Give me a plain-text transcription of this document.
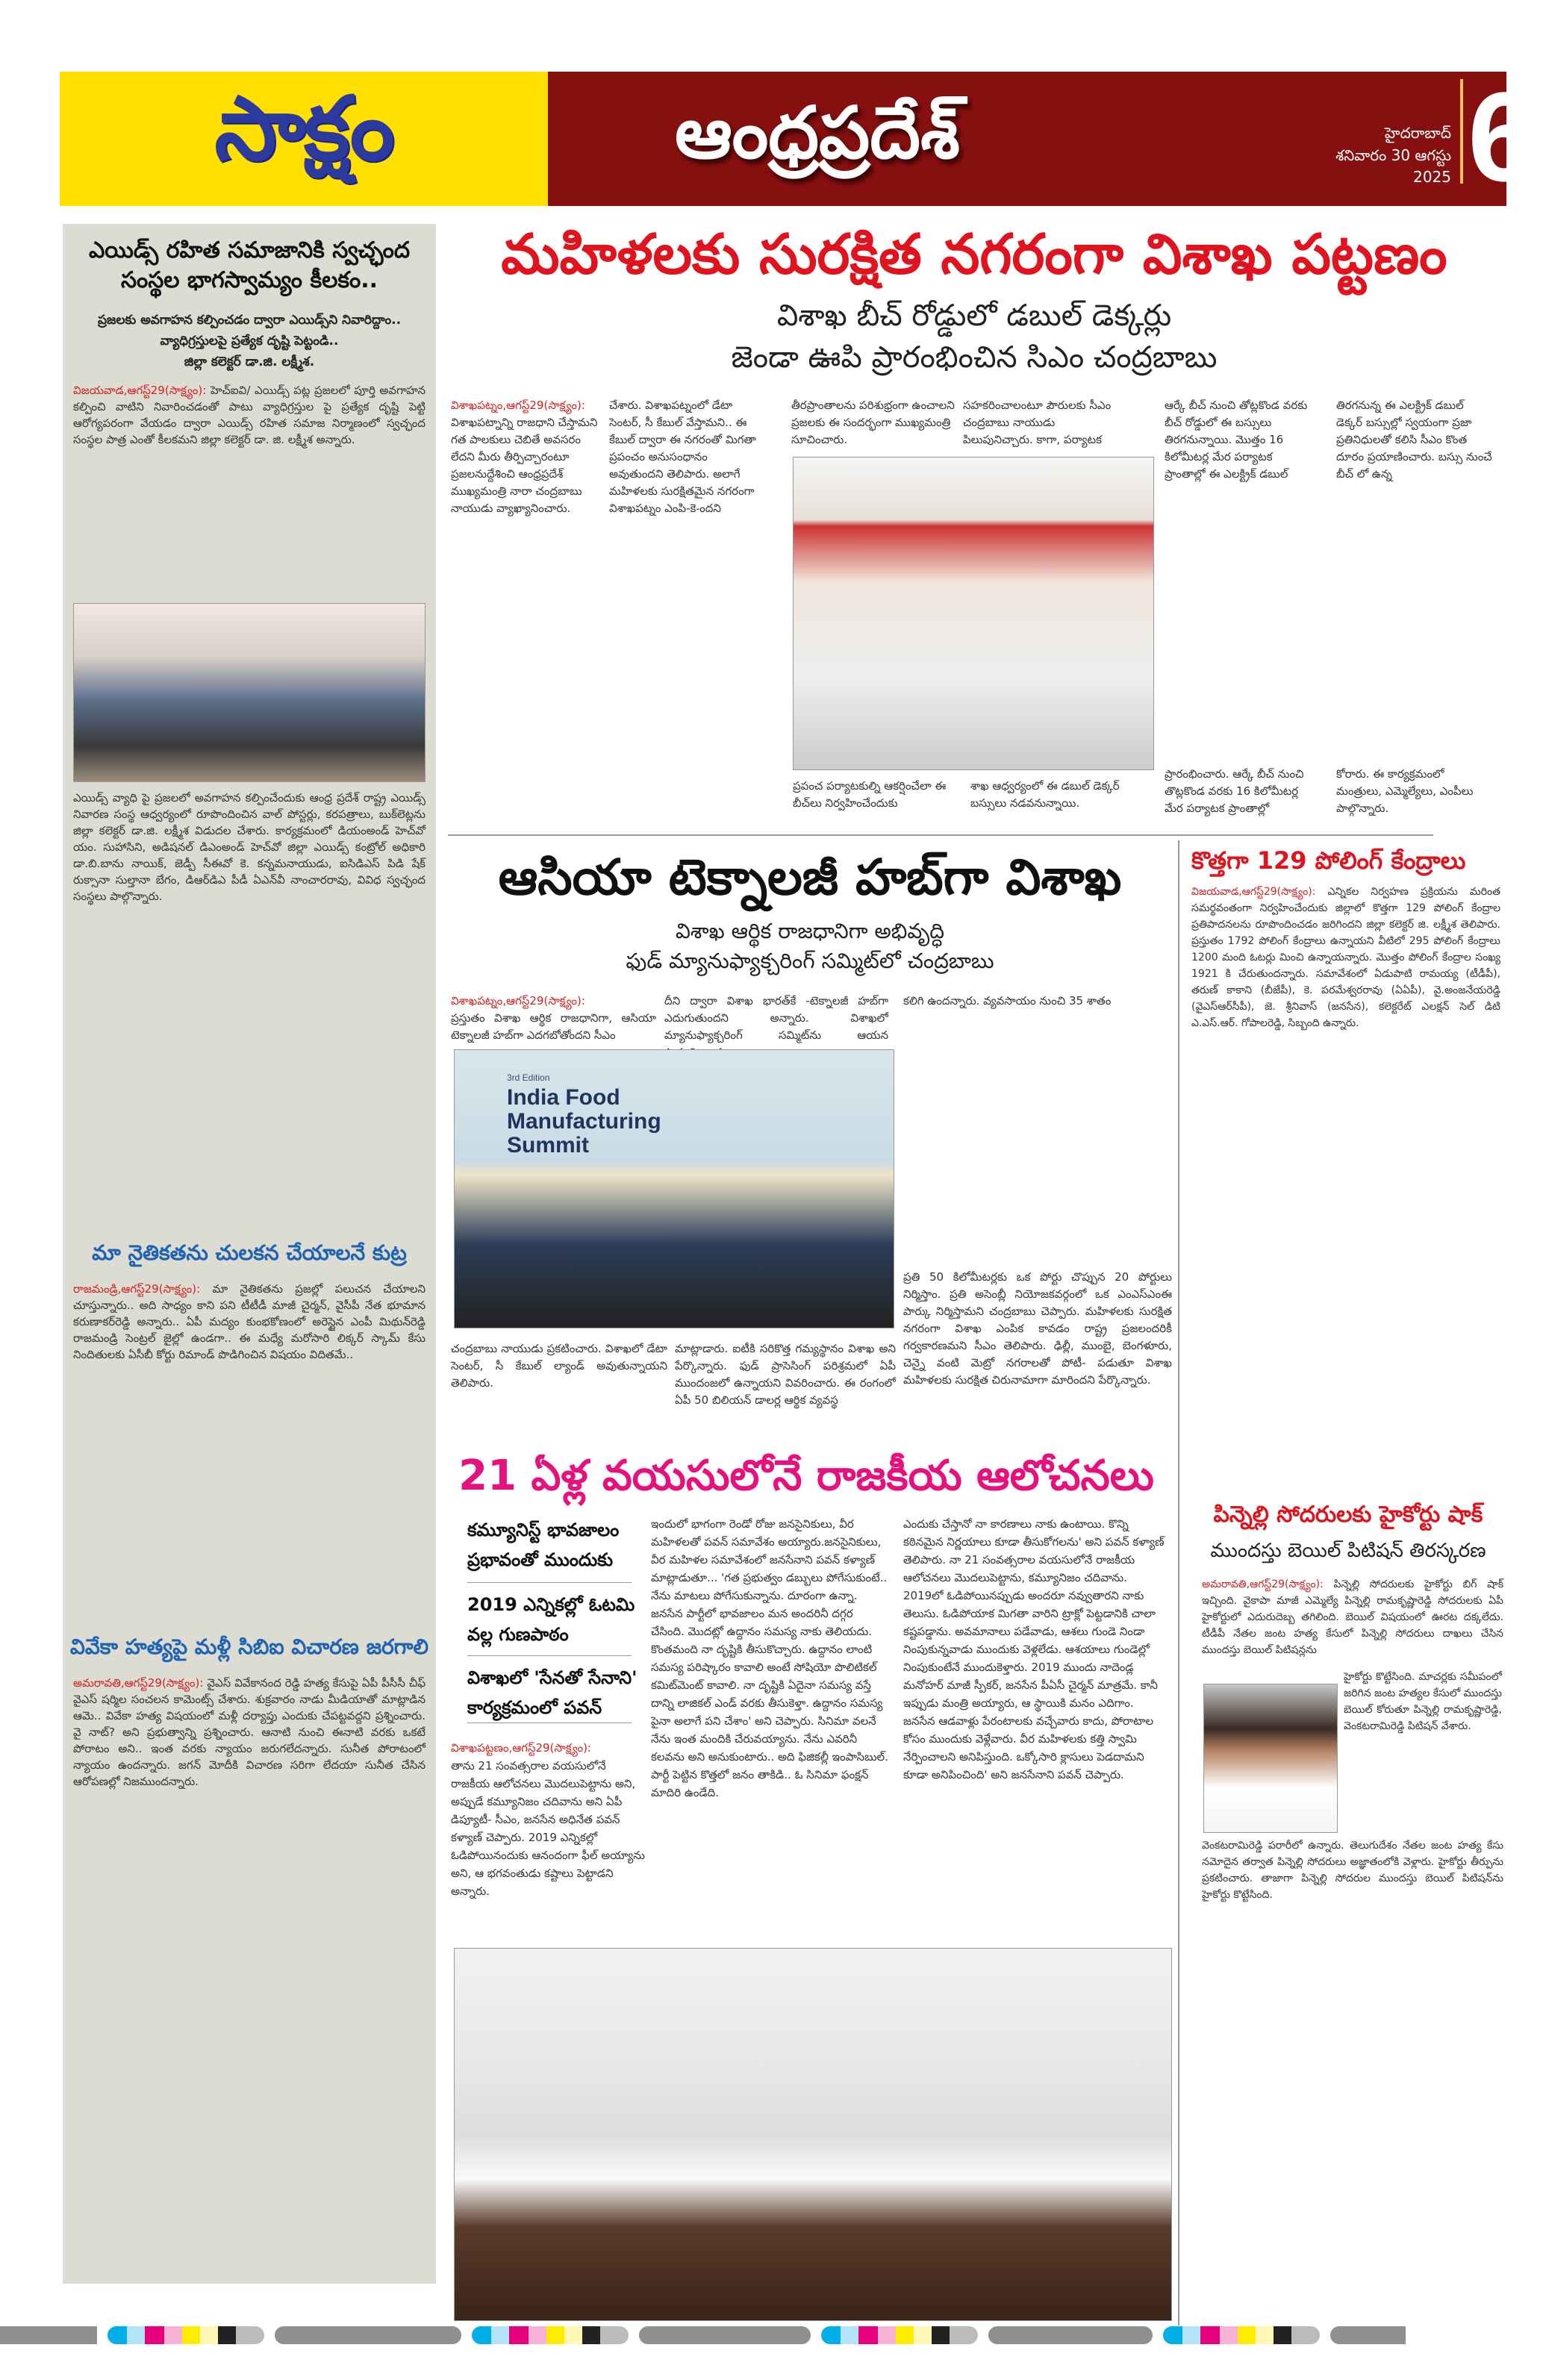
సాక్షం	ఆంధ్రప్రదేశ్	హైదరాబాద్
శనివారం 30 ఆగస్టు 2025 6
ఎయిడ్స్ రహిత సమాజానికి స్వచ్ఛంద సంస్థల భాగస్వామ్యం కీలకం..
ప్రజలకు అవగాహన కల్పించడం ద్వారా ఎయిడ్స్‌ని నివారిద్దాం..
వ్యాధిగ్రస్తులపై ప్రత్యేక దృష్టి పెట్టండి..
జిల్లా కలెక్టర్ డా.జి. లక్ష్మీశ.
విజయవాడ,ఆగస్ట్29(సాక్ష్యం): హెచ్ఐవి/ ఎయిడ్స్ పట్ల ప్రజలలో పూర్తి అవగాహన కల్పించి వాటిని నివారించడంతో పాటు వ్యాధిగ్రస్తుల పై ప్రత్యేక దృష్టి పెట్టి ఆరోగ్యపరంగా వేయడం ద్వారా ఎయిడ్స్ రహిత సమాజ నిర్మాణంలో స్వచ్ఛంద సంస్థల పాత్ర ఎంతో కీలకమని జిల్లా కలెక్టర్ డా. జి. లక్ష్మీశ అన్నారు.
ఎయిడ్స్ వ్యాధి పై ప్రజలలో అవగాహన కల్పించేందుకు ఆంధ్ర ప్రదేశ్ రాష్ట్ర ఎయిడ్స్ నివారణ సంస్థ ఆధ్వర్యంలో రూపొందించిన వాల్ పోస్టర్లు, కరపత్రాలు, బుక్‌లెట్లను జిల్లా కలెక్టర్ డా.జి. లక్ష్మీశ విడుదల చేశారు. కార్యక్రమంలో డియంఅండ్ హెచ్‌వో యం. సుహాసిని, అడిషనల్ డిఎంఅండ్ హెచ్‌వో జిల్లా ఎయిడ్స్ కంట్రోల్ అధికారి డా.బి.బాను నాయిక్, జెడ్పీ సీఈవో కె. కన్నమనాయుడు, ఐసిడిఎస్ పిడి షేక్ రుక్సానా సుల్తానా బేగం, డిఆర్‌డిఎ పీడీ ఏఎన్‌వీ నాంచారరావు, వివిధ స్వచ్ఛంద సంస్థలు పాల్గొన్నారు.
మా నైతికతను చులకన చేయాలనే కుట్ర
రాజమండ్రి,ఆగస్ట్29(సాక్ష్యం): మా నైతికతను ప్రజల్లో పలుచన చేయాలని చూస్తున్నారు.. అది సాధ్యం కాని పని టీటీడీ మాజీ చైర్మన్, వైసీపీ నేత భూమాన కరుణాకర్‌రెడ్డి అన్నారు.. ఏపీ మద్యం కుంభకోణంలో అరెస్టైన ఎంపీ మిథున్‌రెడ్డి రాజమండ్రి సెంట్రల్ జైల్లో ఉండగా.. ఈ మధ్యే మరోసారి లిక్కర్ స్కామ్ కేసు నిందితులకు ఏసీబీ కోర్టు రిమాండ్ పొడిగించిన విషయం విదితమే..
వివేకా హత్యపై మళ్లీ సిబిఐ విచారణ జరగాలి
అమరావతి,ఆగస్ట్29(సాక్ష్యం): వైఎస్ వివేకానంద రెడ్డి హత్య కేసుపై ఏపీ పీసీసీ చీఫ్ వైఎస్ షర్మిల సంచలన కామెంట్స్ చేశారు. శుక్రవారం నాడు మీడియాతో మాట్లాడిన ఆమె.. వివేకా హత్య విషయంలో మళ్లీ దర్యాప్తు ఎందుకు చేపట్టవద్దని ప్రశ్నించారు. వై నాట్? అని ప్రభుత్వాన్ని ప్రశ్నించారు. ఆనాటి నుంచి ఈనాటి వరకు ఒకటే పోరాటం అని.. ఇంత వరకు న్యాయం జరుగలేదన్నారు. సునీత పోరాటంలో న్యాయం ఉందన్నారు. జగన్ మోదీకి విచారణ సరిగా లేదయా సునీత చేసిన ఆరోపణల్లో నిజముందన్నారు.
మహిళలకు సురక్షిత నగరంగా విశాఖ పట్టణం
విశాఖ బీచ్ రోడ్డులో డబుల్ డెక్కర్లు
జెండా ఊపి ప్రారంభించిన సిఎం చంద్రబాబు
విశాఖపట్నం,ఆగస్ట్29(సాక్ష్యం):
విశాఖపట్నాన్ని రాజధాని చేస్తామని గత పాలకులు చెబితే అవసరం లేదని మీరు తీర్పిచ్చారంటూ ప్రజలనుద్దేశించి ఆంధ్రప్రదేశ్ ముఖ్యమంత్రి నారా చంద్రబాబు నాయుడు వ్యాఖ్యానించారు.
చేశారు. విశాఖపట్నంలో డేటా సెంటర్, సీ కేబుల్ వేస్తామని.. ఈ కేబుల్ ద్వారా ఈ నగరంతో మిగతా ప్రపంచం అనుసంధానం అవుతుందని తెలిపారు. అలాగే మహిళలకు సురక్షితమైన నగరంగా విశాఖపట్నం ఎంపి-కె-ందని
తీరప్రాంతాలను పరిశుభ్రంగా ఉంచాలని ప్రజలకు ఈ సందర్భంగా ముఖ్యమంత్రి సూచించారు.
సహకరించాలంటూ పౌరులకు సీఎం చంద్రబాబు నాయుడు పిలుపునిచ్చారు. కాగా, పర్యాటక
ఆర్కే బీచ్ నుంచి తోట్లకొండ వరకు బీచ్ రోడ్డులో ఈ బస్సులు తిరగనున్నాయి. మొత్తం 16 కిలోమీటర్ల మేర పర్యాటక ప్రాంతాల్లో ఈ ఎలక్ట్రిక్ డబుల్
తిరగనున్న ఈ ఎలక్ట్రిక్ డబుల్ డెక్కర్ బస్సుల్లో స్వయంగా ప్రజా ప్రతినిధులతో కలిసి సీఎం కొంత దూరం ప్రయాణించారు. బస్సు నుంచే బీచ్ లో ఉన్న
ప్రపంచ పర్యాటకుల్ని ఆకర్షించేలా ఈ బీచ్‌లు నిర్వహించేందుకు
శాఖ ఆధ్వర్యంలో ఈ డబుల్ డెక్కర్ బస్సులు నడవనున్నాయి.
ప్రారంభించారు. ఆర్కే బీచ్ నుంచి తొట్లకొండ వరకు 16 కిలోమీటర్ల మేర పర్యాటక ప్రాంతాల్లో
కోరారు. ఈ కార్యక్రమంలో మంత్రులు, ఎమ్మెల్యేలు, ఎంపీలు పాల్గొన్నారు.
ఆసియా టెక్నాలజీ హబ్‌గా విశాఖ
విశాఖ ఆర్థిక రాజధానిగా అభివృద్ధి
ఫుడ్ మ్యానుఫ్యాక్చరింగ్ సమ్మిట్‌లో చంద్రబాబు
విశాఖపట్నం,ఆగస్ట్29(సాక్ష్యం):
ప్రస్తుతం విశాఖ ఆర్థిక రాజధానిగా, ఆసియా టెక్నాలజీ హబ్‌గా ఎదగబోతోందని సీఎం
దీని ద్వారా విశాఖ భారత్‌కే -టెక్నాలజీ హబ్‌గా ఎదుగుతుందని అన్నారు. విశాఖలో మ్యానుఫ్యాక్చరింగ్ సమ్మిట్‌ను ఆయన
కలిగి ఉందన్నారు. వ్యవసాయం నుంచి 35 శాతం
3rd Edition
India Food Manufacturing Summit
చంద్రబాబు నాయుడు ప్రకటించారు. విశాఖలో డేటా సెంటర్, సీ కేబుల్ ల్యాండ్ అవుతున్నాయని తెలిపారు.
మాట్లాడారు. ఐటీకి సరికొత్త గమ్యస్థానం విశాఖ అని పేర్కొన్నారు. ఫుడ్ ప్రాసెసింగ్ పరిశ్రమలో ఏపీ ముందంజలో ఉన్నాయని వివరించారు. ఈ రంగంలో ఏపీ 50 బిలియన్ డాలర్ల ఆర్థిక వ్యవస్థ
ప్రతి 50 కిలోమీటర్లకు ఒక పోర్టు చొప్పున 20 పోర్టులు నిర్మిస్తాం. ప్రతి అసెంబ్లీ నియోజకవర్గంలో ఒక ఎంఎస్ఎంఈ పార్కు నిర్మిస్తామని చంద్రబాబు చెప్పారు. మహిళలకు సురక్షిత నగరంగా విశాఖ ఎంపిక కావడం రాష్ట్ర ప్రజలందరికీ గర్వకారణమని సీఎం తెలిపారు. ఢిల్లీ, ముంబై, బెంగళూరు, చెన్నై వంటి మెట్రో నగరాలతో పోటీ- పడుతూ విశాఖ మహిళలకు సురక్షిత చిరునామాగా మారిందని పేర్కొన్నారు.
కొత్తగా 129 పోలింగ్ కేంద్రాలు
విజయవాడ,ఆగస్ట్29(సాక్ష్యం): ఎన్నికల నిర్వహణ ప్రక్రియను మరింత సమర్థవంతంగా నిర్వహించేందుకు జిల్లాలో కొత్తగా 129 పోలింగ్ కేంద్రాల ప్రతిపాదనలను రూపొందించడం జరిగిందని జిల్లా కలెక్టర్ జి. లక్ష్మీశ తెలిపారు. ప్రస్తుతం 1792 పోలింగ్ కేంద్రాలు ఉన్నాయని వీటిలో 295 పోలింగ్ కేంద్రాలు 1200 మంది ఓటర్లు మించి ఉన్నాయన్నారు. మొత్తం పోలింగ్ కేంద్రాల సంఖ్య 1921 కి చేరుతుందన్నారు. సమావేశంలో ఏడుపాటి రామయ్య (టీడీపీ), తరుణ్ కాకాని (బీజేపీ), కె. పరమేశ్వరరావు (ఏఏపీ), వై.అంజనేయరెడ్డి (వైఎస్ఆర్‌సీపీ), జె. శ్రీనివాస్ (జనసేన), కలెక్టరేట్ ఎలక్షన్ సెల్ డిటి ఎ.ఎస్.ఆర్. గోపాలరెడ్డి, సిబ్బంది ఉన్నారు.
పిన్నెల్లి సోదరులకు హైకోర్టు షాక్
ముందస్తు బెయిల్ పిటిషన్ తిరస్కరణ
అమరావతి,ఆగస్ట్29(సాక్ష్యం): పిన్నెల్లి సోదరులకు హైకోర్టు బిగ్ షాక్ ఇచ్చింది. వైకాపా మాజీ ఎమ్మెల్యే పిన్నెల్లి రామకృష్ణారెడ్డి సోదరులకు ఏపీ హైకోర్టులో ఎదురుదెబ్బ తగిలింది. బెయిల్ విషయంలో ఊరట దక్కలేదు. టీడీపీ నేతల జంట హత్య కేసులో పిన్నెల్లి సోదరులు దాఖలు చేసిన ముందస్తు బెయిల్ పిటిషన్లను
హైకోర్టు కొట్టేసింది. మాచర్లకు సమీపంలో జరిగిన జంట హత్యల కేసులో ముందస్తు బెయిల్ కోరుతూ పిన్నెల్లి రామకృష్ణారెడ్డి, వెంకటరామిరెడ్డి పిటిషన్ వేశారు.
వెంకటరామిరెడ్డి పరారీలో ఉన్నారు. తెలుగుదేశం నేతల జంట హత్య కేసు నమోదైన తర్వాత పిన్నెల్లి సోదరులు అజ్ఞాతంలోకి వెళ్లారు. హైకోర్టు తీర్పును ప్రకటించారు. తాజాగా పిన్నెల్లి సోదరుల ముందస్తు బెయిల్ పిటిషన్‌ను హైకోర్టు కొట్టేసింది.
21 ఏళ్ల వయసులోనే రాజకీయ ఆలోచనలు
కమ్యూనిస్ట్ భావజాలం ప్రభావంతో ముందుకు
2019 ఎన్నికల్లో ఓటమి వల్ల గుణపాఠం
విశాఖలో 'సేనతో సేనాని' కార్యక్రమంలో పవన్
విశాఖపట్టణం,ఆగస్ట్29(సాక్ష్యం):
తాను 21 సంవత్సరాల వయసులోనే రాజకీయ ఆలోచనలు మొదలుపెట్టాను అని, అప్పుడే కమ్యూనిజం చదివాను అని ఏపీ డిప్యూటీ- సీఎం, జనసేన అధినేత పవన్ కళ్యాణ్ చెప్పారు. 2019 ఎన్నికల్లో ఓడిపోయినందుకు ఆనందంగా ఫీల్ అయ్యాను అని, ఆ భగవంతుడు కష్టాలు పెట్టాడని అన్నారు.
ఇందులో భాగంగా రెండో రోజు జనసైనికులు, వీర మహిళలతో పవన్ సమావేశం అయ్యారు.జనసైనికులు, వీర మహిళల సమావేశంలో జనసేనాని పవన్ కళ్యాణ్ మాట్లాడుతూ... 'గత ప్రభుత్వం డబ్బులు పోగేసుకుంటే.. నేను మాటలు పోగేసుకున్నాను. దూరంగా ఉన్నా. జనసేన పార్టీలో భావజాలం మన అందరినీ దగ్గర చేసింది. మొదట్లో ఉద్దానం సమస్య నాకు తెలియదు. కొంతమంది నా దృష్టికి తీసుకొచ్చారు. ఉద్దానం లాంటి సమస్య పరిష్కారం కావాలి అంటే సోషియో పొలిటికల్ కమిట్‌మెంట్ కావాలి. నా దృష్టికి ఏదైనా సమస్య వస్తే దాన్ని లాజికల్ ఎండ్ వరకు తీసుకెళ్తా. ఉద్దానం సమస్య పైనా అలాగే పని చేశాం' అని చెప్పారు. సినిమా వలనే నేను ఇంత మందికి చేరువయ్యాను. నేను ఎవరినీ కలవను అని అనుకుంటారు.. అది ఫిజికల్లీ ఇంపాసిబుల్. పార్టీ పెట్టిన కొత్తలో జనం తాకిడి.. ఓ సినిమా ఫంక్షన్ మాదిరి ఉండేది.
ఎందుకు చేస్తానో నా కారణాలు నాకు ఉంటాయి. కొన్ని కఠినమైన నిర్ణయాలు కూడా తీసుకోగలను' అని పవన్ కళ్యాణ్ తెలిపారు. నా 21 సంవత్సరాల వయసులోనే రాజకీయ ఆలోచనలు మొదలుపెట్టాను, కమ్యూనిజం చదివాను. 2019లో ఓడిపోయినప్పుడు అందరూ నవ్వుతారని నాకు తెలుసు. ఓడిపోయాక మిగతా వారిని ట్రాక్లో పెట్టడానికి చాలా కష్టపడ్డాను. అవమానాలు పడేవాడు, ఆశలు గుండె నిండా నింపుకున్నవాడు ముందుకు వెళ్లలేడు. ఆశయాలు గుండెల్లో నింపుకుంటేనే ముందుకెళ్తారు. 2019 ముందు నాదెండ్ల మనోహర్ మాజీ స్పీకర్, జనసేన పీఏసీ చైర్మన్ మాత్రమే. కానీ ఇప్పుడు మంత్రి అయ్యారు, ఆ స్థాయికి మనం ఎదిగాం. జనసేన ఆడవాళ్లు పేరంటాలకు వచ్చేవారు కాదు, పోరాటాల కోసం ముందుకు వెళ్లేవారు. వీర మహిళలకు కత్తి స్వామి నేర్పించాలని అనిపిస్తుంది. ఒక్కోసారి క్లాసులు పెడదామని కూడా అనిపించింది' అని జనసేనాని పవన్ చెప్పారు.
